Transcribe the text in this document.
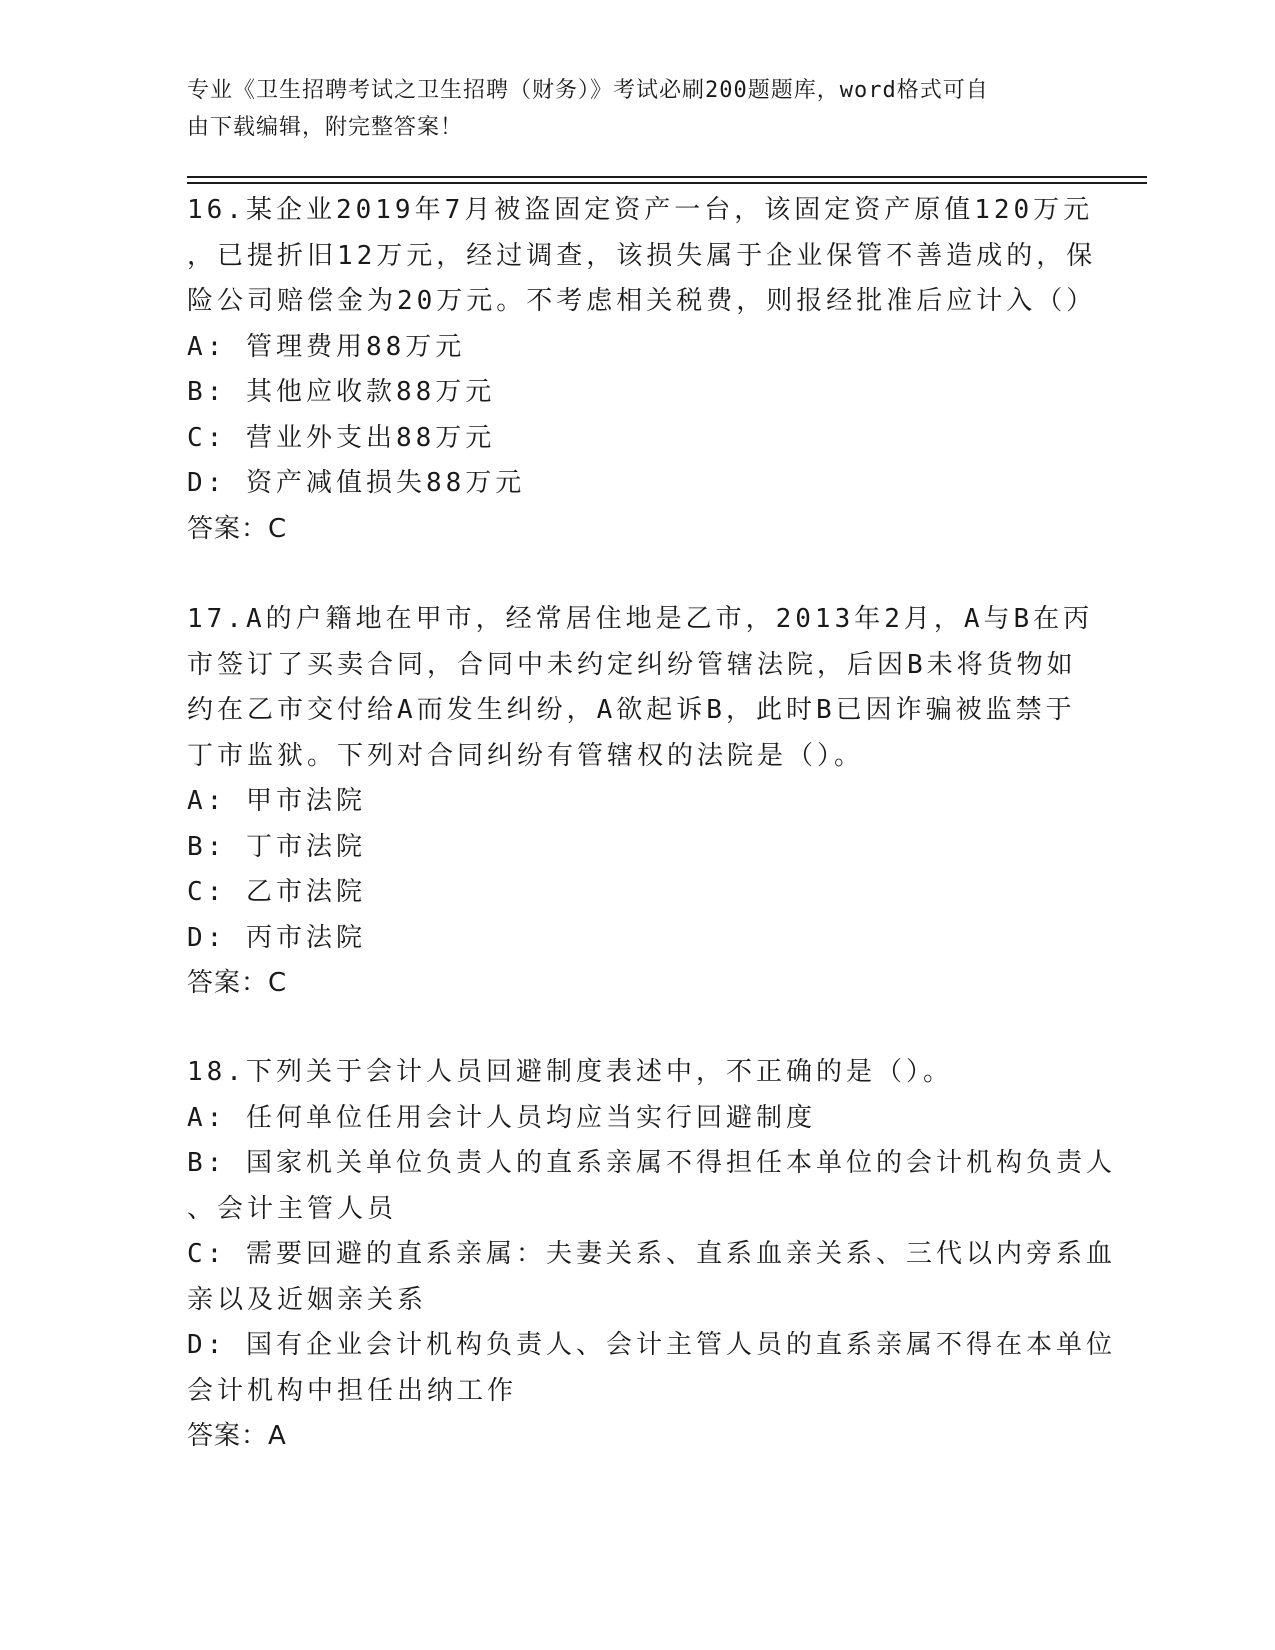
专业《卫生招聘考试之卫生招聘（财务）》考试必刷200题题库，word格式可自
由下载编辑，附完整答案！
16.某企业2019年7月被盗固定资产一台，该固定资产原值120万元
，已提折旧12万元，经过调查，该损失属于企业保管不善造成的，保
险公司赔偿金为20万元。不考虑相关税费，则报经批准后应计入（）
A: 管理费用88万元
B: 其他应收款88万元
C: 营业外支出88万元
D: 资产减值损失88万元
答案：C
17.A的户籍地在甲市，经常居住地是乙市，2013年2月，A与B在丙
市签订了买卖合同，合同中未约定纠纷管辖法院，后因B未将货物如
约在乙市交付给A而发生纠纷，A欲起诉B，此时B已因诈骗被监禁于
丁市监狱。下列对合同纠纷有管辖权的法院是（）。
A: 甲市法院
B: 丁市法院
C: 乙市法院
D: 丙市法院
答案：C
18.下列关于会计人员回避制度表述中，不正确的是（）。
A: 任何单位任用会计人员均应当实行回避制度
B: 国家机关单位负责人的直系亲属不得担任本单位的会计机构负责人
、会计主管人员
C: 需要回避的直系亲属：夫妻关系、直系血亲关系、三代以内旁系血
亲以及近姻亲关系
D: 国有企业会计机构负责人、会计主管人员的直系亲属不得在本单位
会计机构中担任出纳工作
答案：A
